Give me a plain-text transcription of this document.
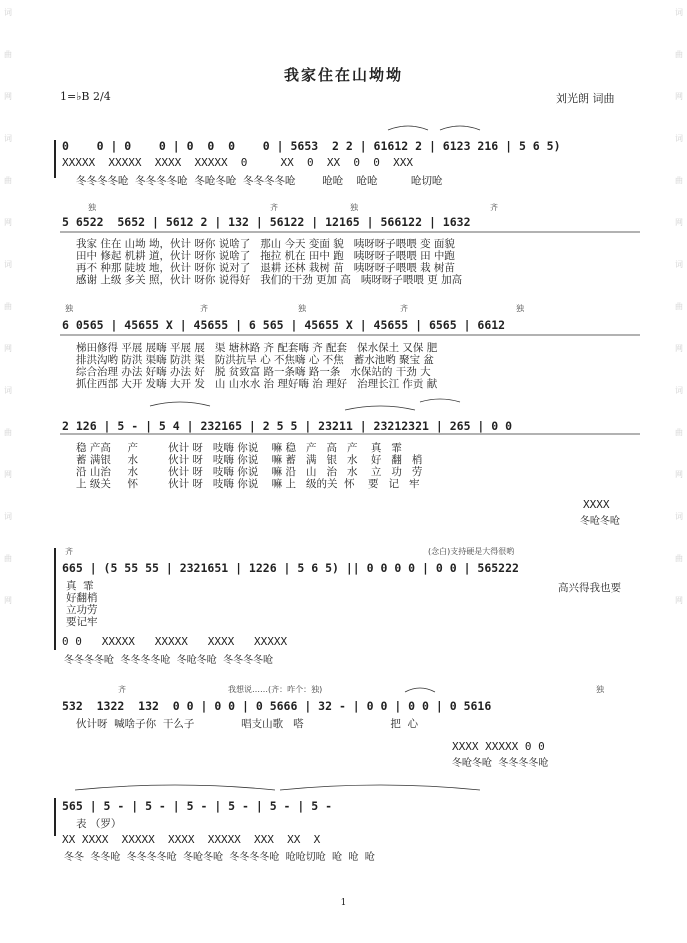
词
曲
网
词
曲
网
词
曲
网
词
曲
网
词
曲
网
词
曲
网
词
曲
网
词
曲
网
词
曲
网
词
曲
网
我家住在山坳坳
1=♭B 2/4	刘光朗 词曲
0    0 | 0    0 | 0  0  0    0 | 5653  2 2 | 61612 2 | 6123 216 | 5 6 5)
XXXXX  XXXXX  XXXX  XXXXX  0     XX  0  XX  0  0  XXX
冬冬冬冬呛  冬冬冬冬呛  冬呛冬呛  冬冬冬冬呛        呛呛    呛呛          呛切呛
独	齐	独	齐
5 6522  5652 | 5612 2 | 132 | 56122 | 12165 | 566122 | 1632
我家 住在 山坳 坳，伙计 呀你 说啥了   那山 今天 变面 貌   咦呀呀子喂喂 变 面貌
田中 修起 机耕 道，伙计 呀你 说啥了   拖拉 机在 田中 跑   咦呀呀子喂喂 田 中跑
再不 种那 陡坡 地，伙计 呀你 说对了   退耕 还林 栽树 苗   咦呀呀子喂喂 栽 树苗
感谢 上级 多关 照，伙计 呀你 说得好   我们的干劲 更加 高   咦呀呀子喂喂 更 加高
独	齐	独	齐	独
6 0565 | 45655 X | 45655 | 6 565 | 45655 X | 45655 | 6565 | 6612
梯田修得 平展 展嗨 平展 展   渠 塘林路 齐 配套嗨 齐 配套   保水保土 又保 肥
排洪沟哟 防洪 渠嗨 防洪 渠   防洪抗旱 心 不焦嗨 心 不焦   蓄水池哟 聚宝 盆
综合治理 办法 好嗨 办法 好   脱 贫致富 路一条嗨 路一条   水保站的 干劲 大
抓住西部 大开 发嗨 大开 发   山 山水水 治 理好嗨 治 理好   治理长江 作贡 献
2 126 | 5 - | 5 4 | 232165 | 2 5 5 | 23211 | 23212321 | 265 | 0 0
XXXX
稳 产高     产         伙计 呀   吱嗨 你说    嘛 稳   产   高   产    真   霏
蓄 满银     水         伙计 呀   吱嗨 你说    嘛 蓄   满   银   水    好   翻   梢
沿 山治     水         伙计 呀   吱嗨 你说    嘛 沿   山   治   水    立   功   劳
上 级关     怀         伙计 呀   吱嗨 你说    嘛 上   级的关  怀    要   记   牢
冬呛冬呛
齐	(念白)支持硬是大得很哟
665 | (5 55 55 | 2321651 | 1226 | 5 6 5) || 0 0 0 0 | 0 0 | 565222
0 0   XXXXX   XXXXX   XXXX   XXXXX
真  霏
好翻梢
立功劳
要记牢
冬冬冬冬呛  冬冬冬冬呛  冬呛冬呛  冬冬冬冬呛
高兴得我也要
齐	我想说……(齐：咋个：独)	独
532  1322  132  0 0 | 0 0 | 0 5666 | 32 - | 0 0 | 0 0 | 0 5616
XXXX XXXXX 0 0
伙计呀  喊啥子你  干么子              唱支山歌   嗒                          把  心
冬呛冬呛  冬冬冬冬呛
565 | 5 - | 5 - | 5 - | 5 - | 5 - | 5 -
XX XXXX  XXXXX  XXXX  XXXXX  XXX  XX  X
表 （罗）
冬冬  冬冬呛  冬冬冬冬呛  冬呛冬呛  冬冬冬冬呛  呛呛切呛  呛  呛  呛
1
